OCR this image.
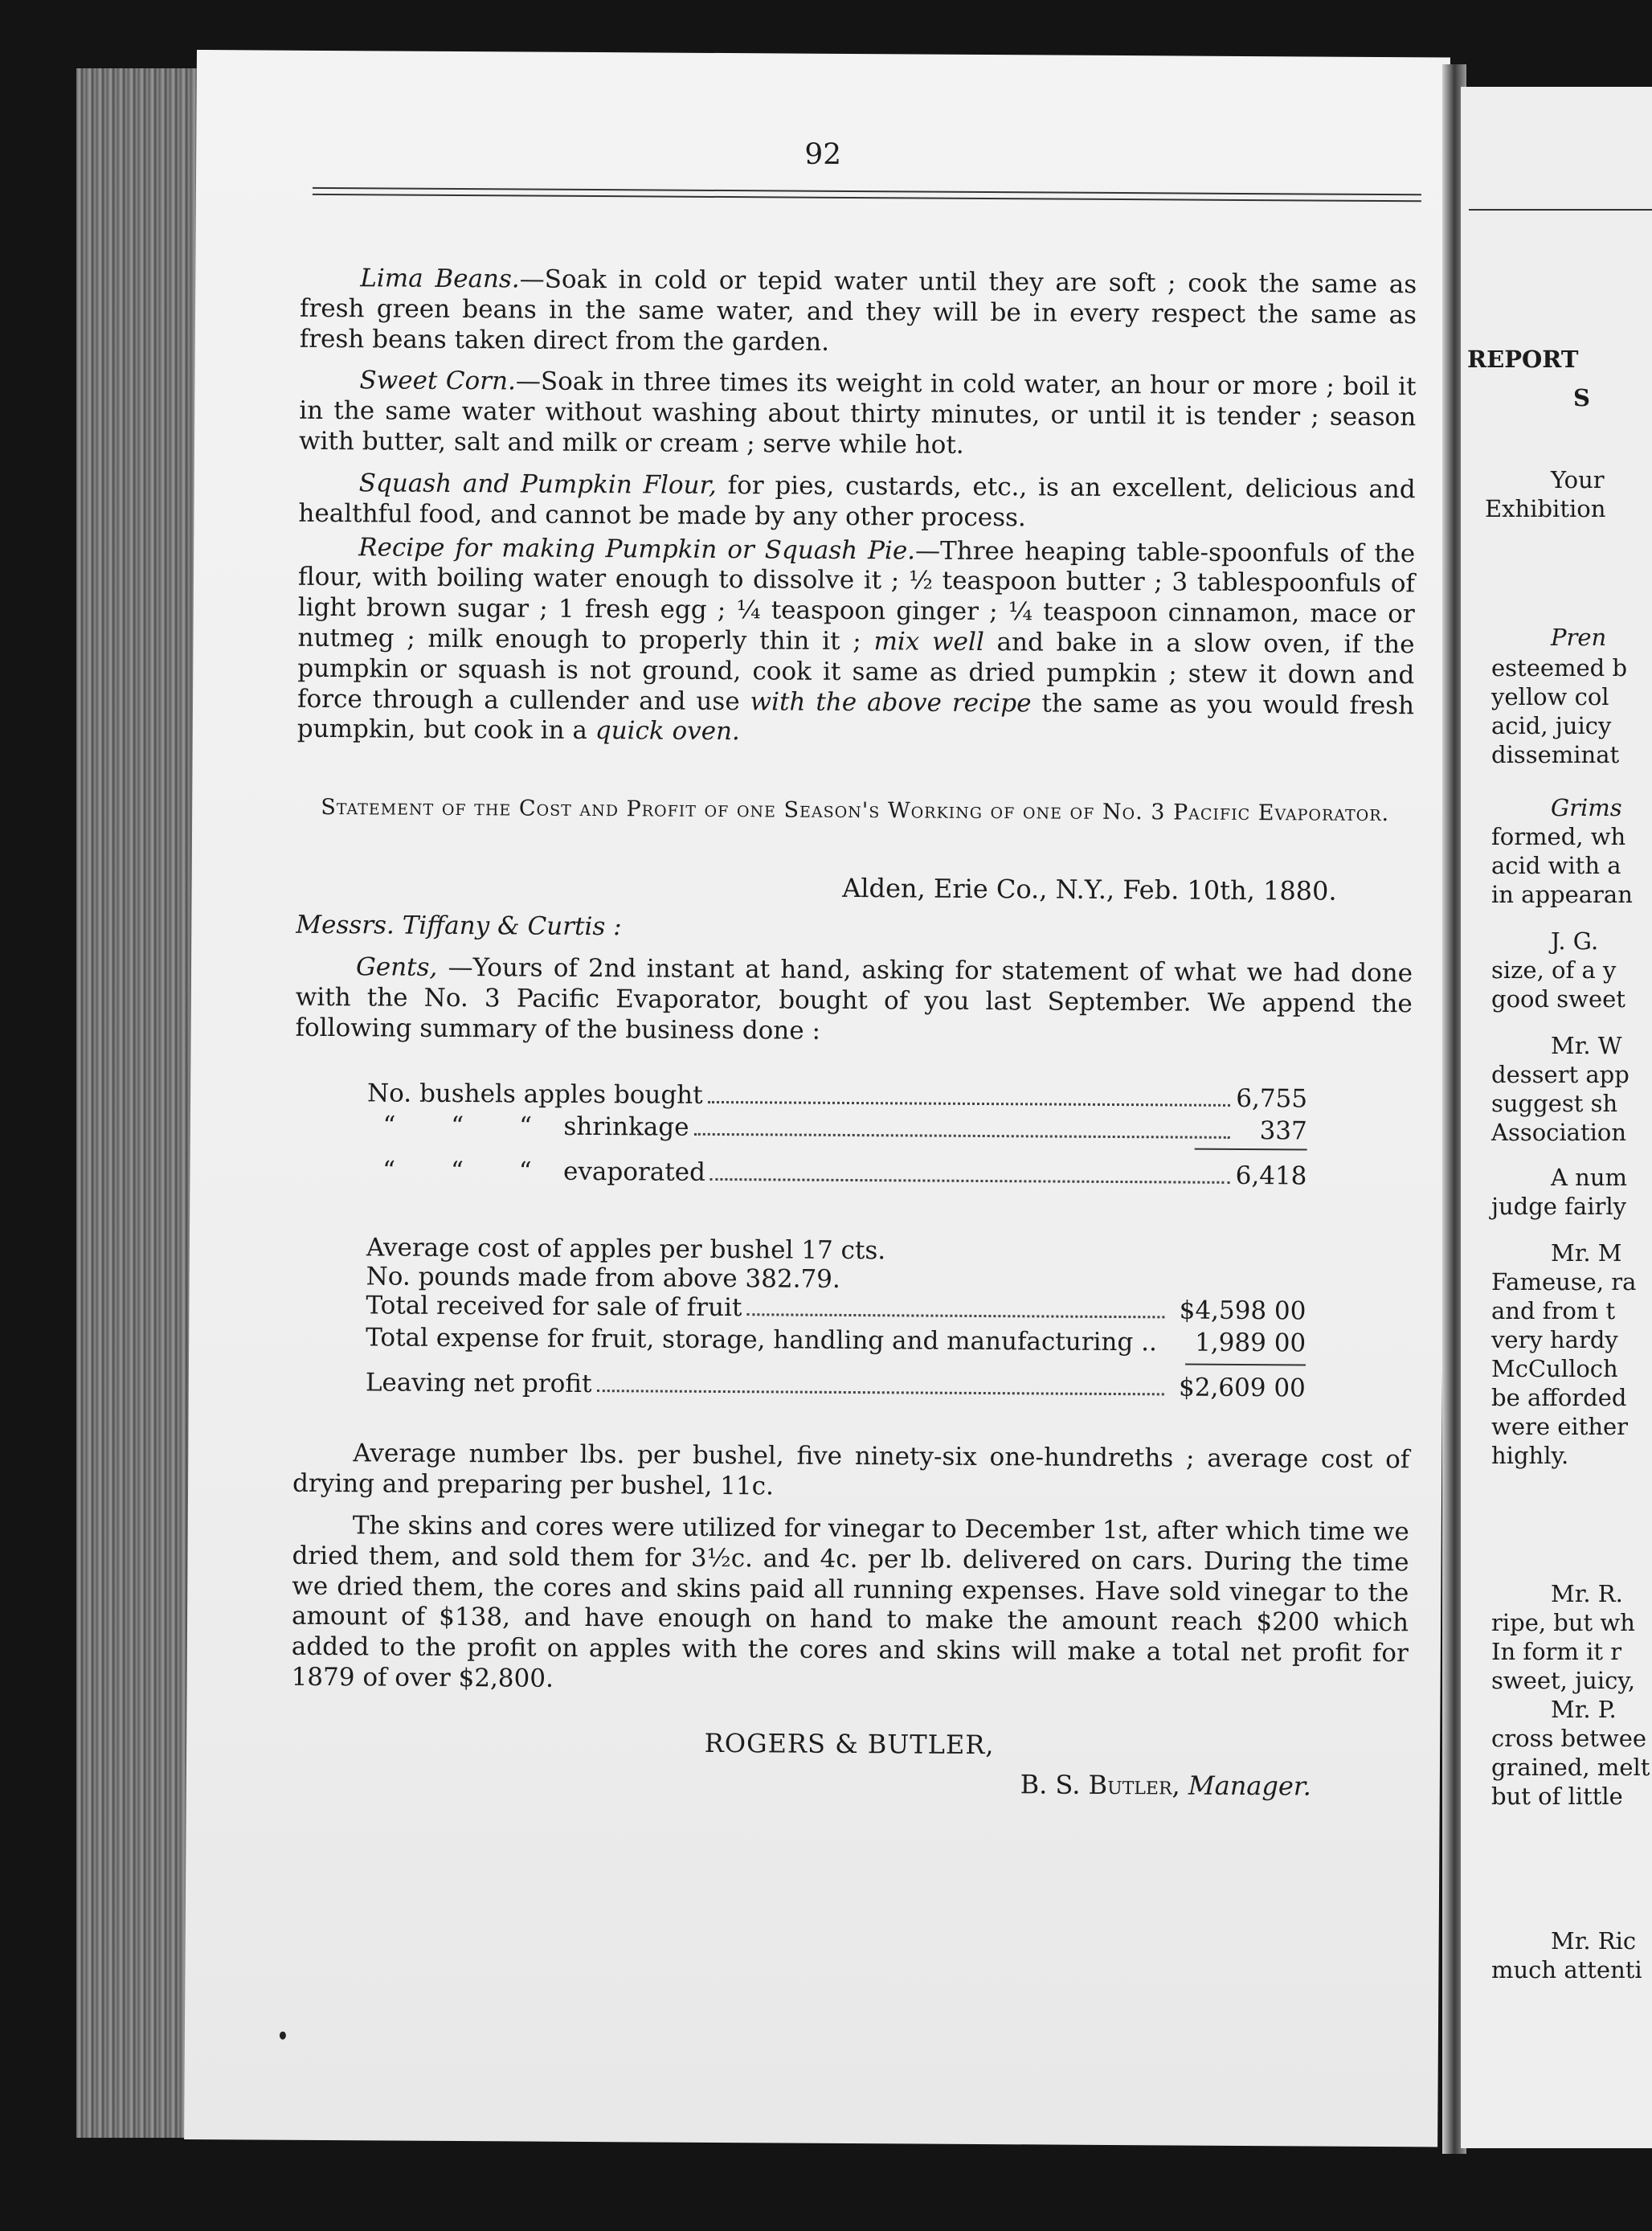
92

Lima Beans.—Soak in cold or tepid water until they are soft ; cook the same as fresh green beans in the same water, and they will be in every respect the same as fresh beans taken direct from the garden.

Sweet Corn.—Soak in three times its weight in cold water, an hour or more ; boil it in the same water without washing about thirty minutes, or until it is tender ; season with butter, salt and milk or cream ; serve while hot.

Squash and Pumpkin Flour, for pies, custards, etc., is an excellent, delicious and healthful food, and cannot be made by any other process.

Recipe for making Pumpkin or Squash Pie.—Three heaping table-spoonfuls of the flour, with boiling water enough to dissolve it ; ½ teaspoon butter ; 3 tablespoonfuls of light brown sugar ; 1 fresh egg ; ¼ teaspoon ginger ; ¼ teaspoon cinnamon, mace or nutmeg ; milk enough to properly thin it ; mix well and bake in a slow oven, if the pumpkin or squash is not ground, cook it same as dried pumpkin ; stew it down and force through a cullender and use with the above recipe the same as you would fresh pumpkin, but cook in a quick oven.

Statement of the Cost and Profit of one Season's Working of one of No. 3 Pacific Evaporator.
Alden, Erie Co., N.Y., Feb. 10th, 1880.
Messrs. Tiffany & Curtis :

Gents, —Yours of 2nd instant at hand, asking for statement of what we had done with the No. 3 Pacific Evaporator, bought of you last September. We append the following summary of the business done :

No. bushels apples bought	6,755
“       “       “    shrinkage	337
“       “       “    evaporated	6,418
Average cost of apples per bushel 17 cts.
No. pounds made from above 382.79.
Total received for sale of fruit	$4,598 00
Total expense for fruit, storage, handling and manufacturing ..	1,989 00
Leaving net profit	$2,609 00

Average number lbs. per bushel, five ninety-six one-hundreths ; average cost of drying and preparing per bushel, 11c.

The skins and cores were utilized for vinegar to December 1st, after which time we dried them, and sold them for 3½c. and 4c. per lb. delivered on cars. During the time we dried them, the cores and skins paid all running expenses. Have sold vinegar to the amount of $138, and have enough on hand to make the amount reach $200 which added to the profit on apples with the cores and skins will make a total net profit for 1879 of over $2,800.

ROGERS & BUTLER,
B. S. Butler, Manager.
REPORT
S
Your
Exhibition
Pren
esteemed b
yellow col
acid, juicy
disseminat
Grims
formed, wh
acid with a
in appearan
J. G.
size, of a y
good sweet
Mr. W
dessert app
suggest sh
Association
A num
judge fairly
Mr. M
Fameuse, ra
and from t
very hardy
McCulloch
be afforded
were either
highly.
Mr. R.
ripe, but wh
In form it r
sweet, juicy,
Mr. P.
cross betwee
grained, melt
but of little
Mr. Ric
much attenti
